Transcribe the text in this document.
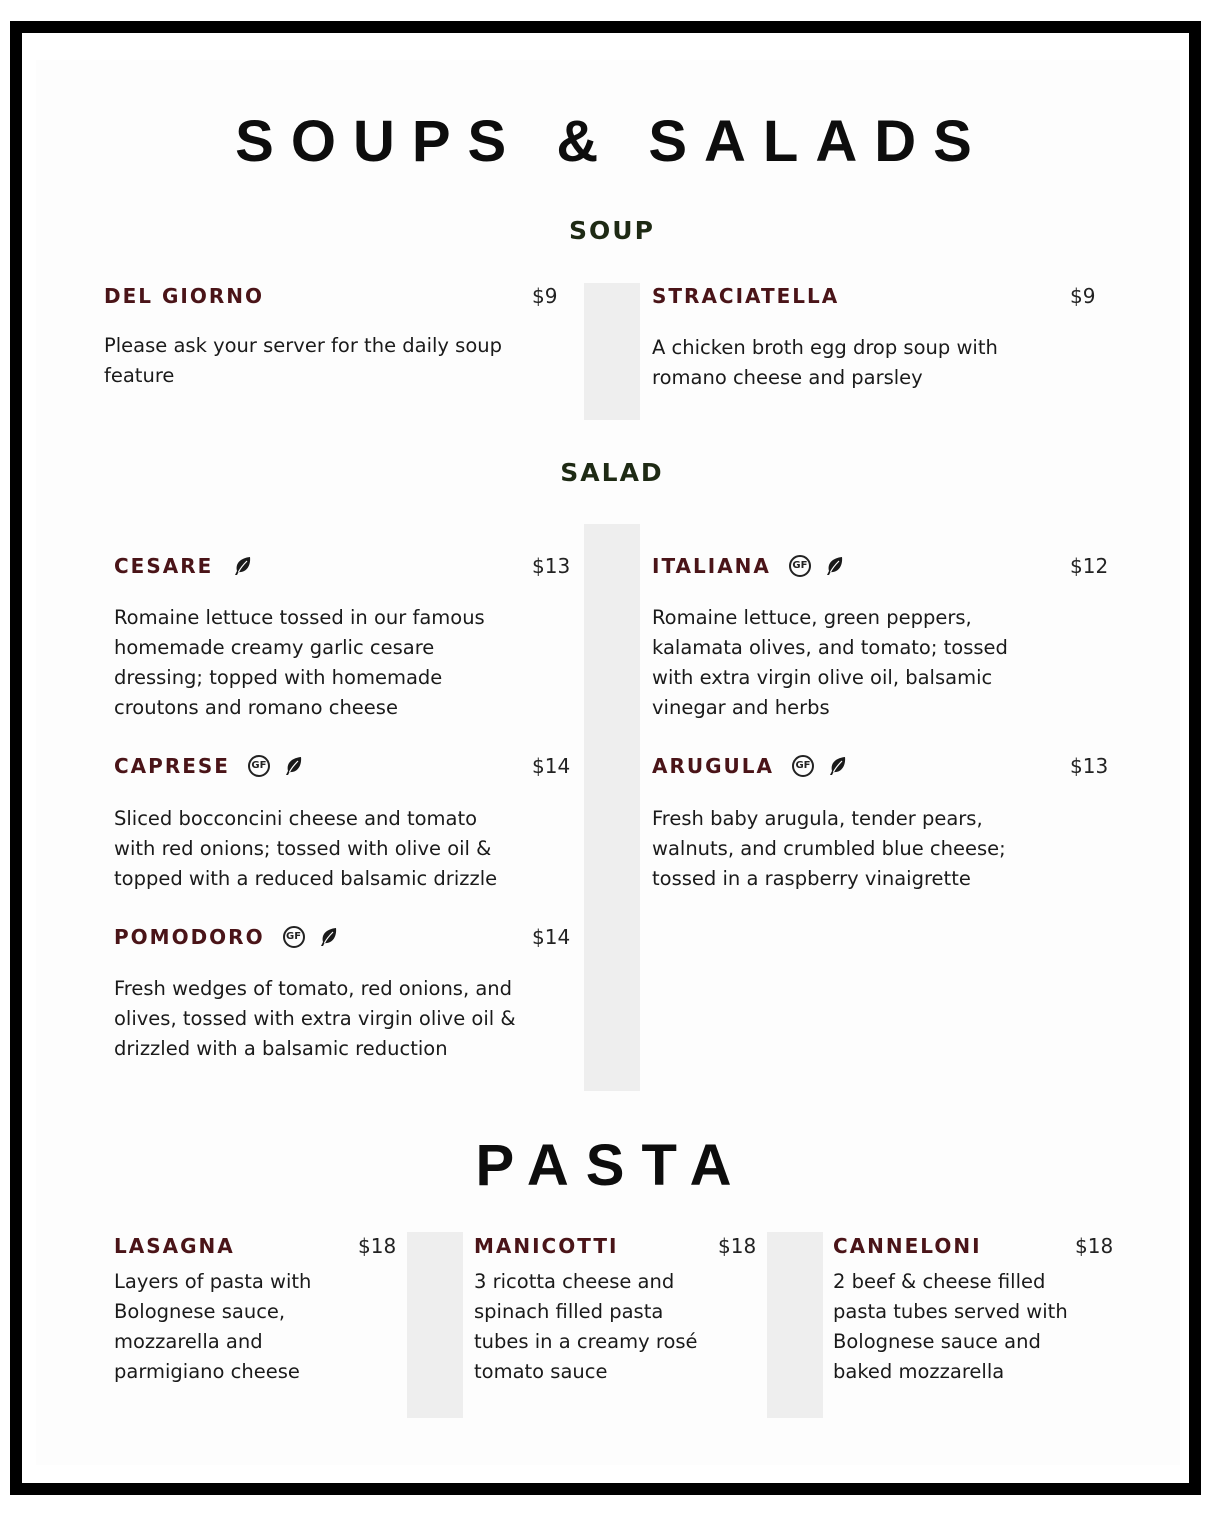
SOUPS & SALADS
SOUP
DEL GIORNO	$9
Please ask your server for the daily soup feature
STRACIATELLA	$9
A chicken broth egg drop soup with romano cheese and parsley
SALAD
CESARE	$13
Romaine lettuce tossed in our famous homemade creamy garlic cesare dressing; topped with homemade croutons and romano cheese
ITALIANA	GF	$12
Romaine lettuce, green peppers, kalamata olives, and tomato; tossed with extra virgin olive oil, balsamic vinegar and herbs
CAPRESE	GF	$14
Sliced bocconcini cheese and tomato with red onions; tossed with olive oil & topped with a reduced balsamic drizzle
ARUGULA	GF	$13
Fresh baby arugula, tender pears, walnuts, and crumbled blue cheese; tossed in a raspberry vinaigrette
POMODORO	GF	$14
Fresh wedges of tomato, red onions, and olives, tossed with extra virgin olive oil & drizzled with a balsamic reduction
PASTA
LASAGNA	$18
Layers of pasta with Bolognese sauce, mozzarella and parmigiano cheese
MANICOTTI	$18
3 ricotta cheese and spinach filled pasta tubes in a creamy rosé tomato sauce
CANNELONI	$18
2 beef & cheese filled pasta tubes served with Bolognese sauce and baked mozzarella
